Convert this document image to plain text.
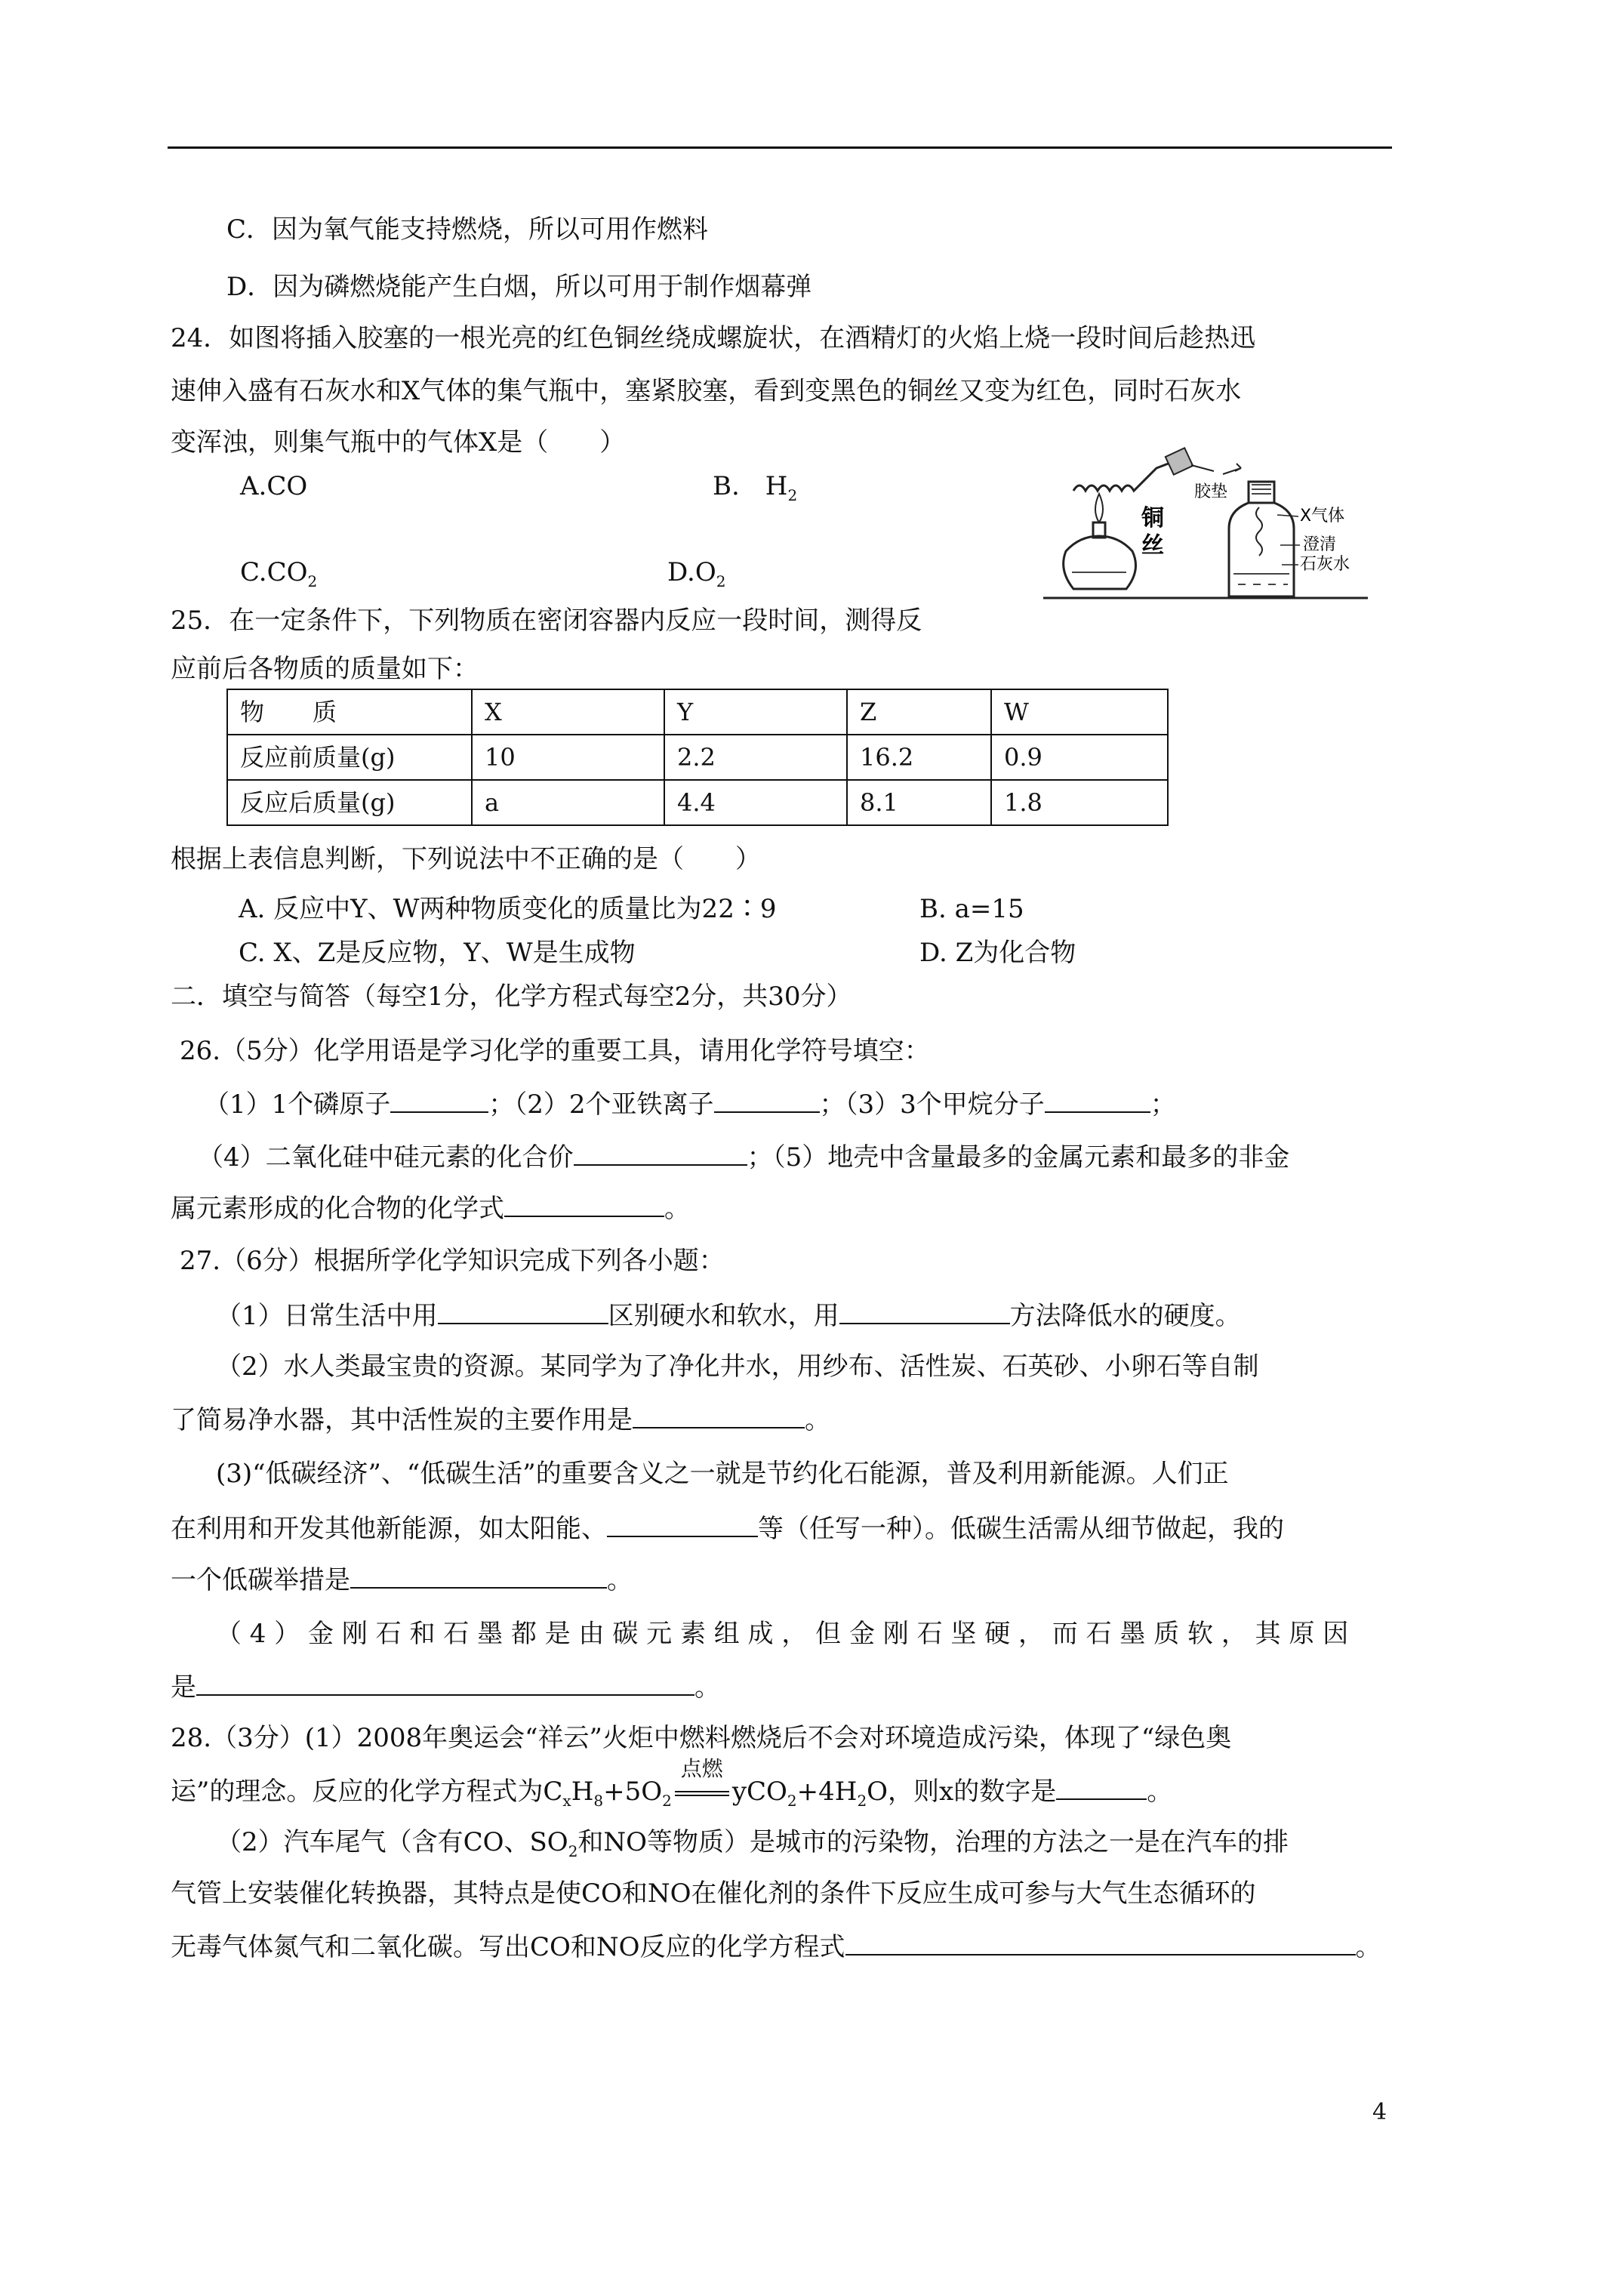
C．因为氧气能支持燃烧，所以可用作燃料
D．因为磷燃烧能产生白烟，所以可用于制作烟幕弹
24．如图将插入胶塞的一根光亮的红色铜丝绕成螺旋状，在酒精灯的火焰上烧一段时间后趁热迅
速伸入盛有石灰水和X气体的集气瓶中，塞紧胶塞，看到变黑色的铜丝又变为红色，同时石灰水
变浑浊，则集气瓶中的气体X是（　　）
A.CO	B.　$H_2$
$C.CO_2$	$D.O_2$
胶垫
铜
丝
X气体
澄清
石灰水
25．在一定条件下，下列物质在密闭容器内反应一段时间，测得反
应前后各物质的质量如下：
物　　质	X	Y	Z	W
反应前质量(g)	10	2.2	16.2	0.9
反应后质量(g)	a	4.4	8.1	1.8
根据上表信息判断，下列说法中不正确的是（　　）
A. 反应中Y、W两种物质变化的质量比为22∶9	B. a=15
C. X、Z是反应物，Y、W是生成物	D. Z为化合物
二．填空与简答（每空1分，化学方程式每空2分，共30分）
26.（5分）化学用语是学习化学的重要工具，请用化学符号填空：
（1）1个磷原子	；（2）2个亚铁离子	；（3）3个甲烷分子	；
（4）二氧化硅中硅元素的化合价	；（5）地壳中含量最多的金属元素和最多的非金
属元素形成的化合物的化学式	。
27.（6分）根据所学化学知识完成下列各小题：
（1）日常生活中用	区别硬水和软水，用	方法降低水的硬度。
（2）水人类最宝贵的资源。某同学为了净化井水，用纱布、活性炭、石英砂、小卵石等自制
了简易净水器，其中活性炭的主要作用是	。
(3)“低碳经济”、“低碳生活”的重要含义之一就是节约化石能源，普及利用新能源。人们正
在利用和开发其他新能源，如太阳能、	等（任写一种）。低碳生活需从细节做起，我的
一个低碳举措是	。
（ 4 ） 金 刚 石 和 石 墨 都 是 由 碳 元 素 组 成 ， 但 金 刚 石 坚 硬 ， 而 石 墨 质 软 ， 其 原 因
是	。
28.（3分）(1）2008年奥运会“祥云”火炬中燃料燃烧后不会对环境造成污染，体现了“绿色奥
运”的理念。反应的化学方程式为$C_xH_8+5O_2$
点燃
$yCO_2+4H_2O$，则x的数字是	。
（2）汽车尾气（含有CO、$SO_2$和NO等物质）是城市的污染物，治理的方法之一是在汽车的排
气管上安装催化转换器，其特点是使CO和NO在催化剂的条件下反应生成可参与大气生态循环的
无毒气体氮气和二氧化碳。写出CO和NO反应的化学方程式	。
4
